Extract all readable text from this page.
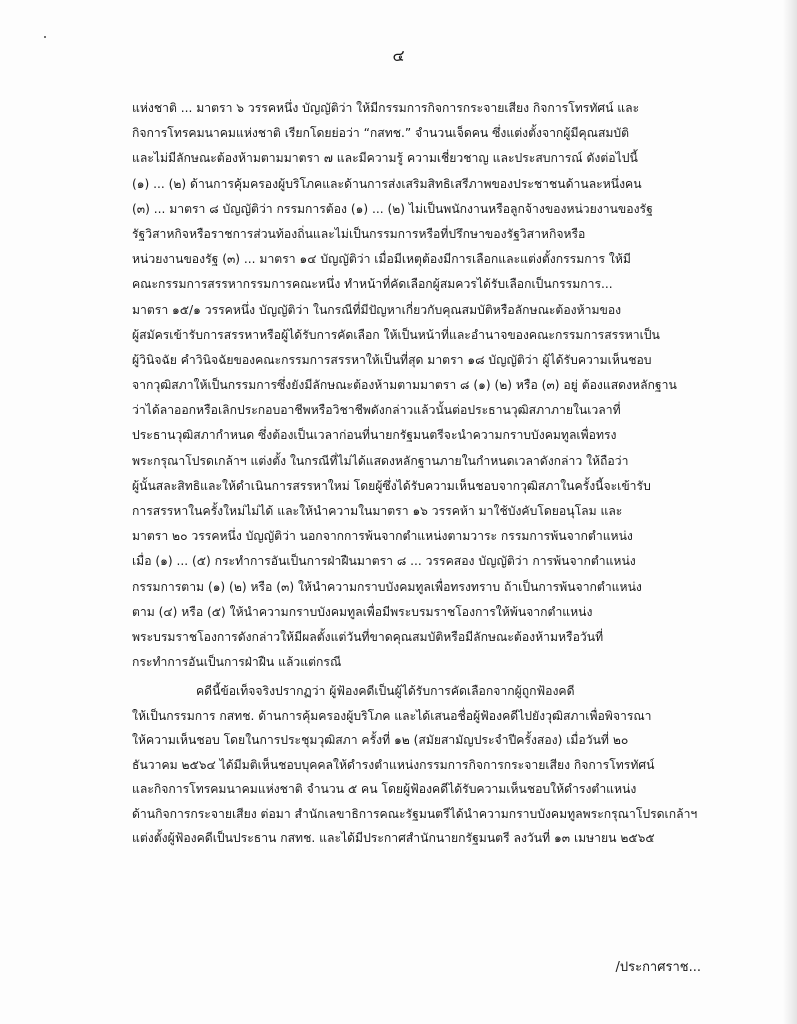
๔
แห่งชาติ ... มาตรา ๖ วรรคหนึ่ง บัญญัติว่า ให้มีกรรมการกิจการกระจายเสียง กิจการโทรทัศน์ และ
กิจการโทรคมนาคมแห่งชาติ เรียกโดยย่อว่า “กสทช.” จำนวนเจ็ดคน ซึ่งแต่งตั้งจากผู้มีคุณสมบัติ
และไม่มีลักษณะต้องห้ามตามมาตรา ๗ และมีความรู้ ความเชี่ยวชาญ และประสบการณ์ ดังต่อไปนี้
(๑) ... (๒) ด้านการคุ้มครองผู้บริโภคและด้านการส่งเสริมสิทธิเสรีภาพของประชาชนด้านละหนึ่งคน
(๓) ... มาตรา ๘ บัญญัติว่า กรรมการต้อง (๑) ... (๒) ไม่เป็นพนักงานหรือลูกจ้างของหน่วยงานของรัฐ
รัฐวิสาหกิจหรือราชการส่วนท้องถิ่นและไม่เป็นกรรมการหรือที่ปรึกษาของรัฐวิสาหกิจหรือ
หน่วยงานของรัฐ (๓) ... มาตรา ๑๔ บัญญัติว่า เมื่อมีเหตุต้องมีการเลือกและแต่งตั้งกรรมการ ให้มี
คณะกรรมการสรรหากรรมการคณะหนึ่ง ทำหน้าที่คัดเลือกผู้สมควรได้รับเลือกเป็นกรรมการ...
มาตรา ๑๕/๑ วรรคหนึ่ง บัญญัติว่า ในกรณีที่มีปัญหาเกี่ยวกับคุณสมบัติหรือลักษณะต้องห้ามของ
ผู้สมัครเข้ารับการสรรหาหรือผู้ได้รับการคัดเลือก ให้เป็นหน้าที่และอำนาจของคณะกรรมการสรรหาเป็น
ผู้วินิจฉัย คำวินิจฉัยของคณะกรรมการสรรหาให้เป็นที่สุด มาตรา ๑๘ บัญญัติว่า ผู้ได้รับความเห็นชอบ
จากวุฒิสภาให้เป็นกรรมการซึ่งยังมีลักษณะต้องห้ามตามมาตรา ๘ (๑) (๒) หรือ (๓) อยู่ ต้องแสดงหลักฐาน
ว่าได้ลาออกหรือเลิกประกอบอาชีพหรือวิชาชีพดังกล่าวแล้วนั้นต่อประธานวุฒิสภาภายในเวลาที่
ประธานวุฒิสภากำหนด ซึ่งต้องเป็นเวลาก่อนที่นายกรัฐมนตรีจะนำความกราบบังคมทูลเพื่อทรง
พระกรุณาโปรดเกล้าฯ แต่งตั้ง ในกรณีที่ไม่ได้แสดงหลักฐานภายในกำหนดเวลาดังกล่าว ให้ถือว่า
ผู้นั้นสละสิทธิและให้ดำเนินการสรรหาใหม่ โดยผู้ซึ่งได้รับความเห็นชอบจากวุฒิสภาในครั้งนี้จะเข้ารับ
การสรรหาในครั้งใหม่ไม่ได้ และให้นำความในมาตรา ๑๖ วรรคห้า มาใช้บังคับโดยอนุโลม และ
มาตรา ๒๐ วรรคหนึ่ง บัญญัติว่า นอกจากการพ้นจากตำแหน่งตามวาระ กรรมการพ้นจากตำแหน่ง
เมื่อ (๑) ... (๕) กระทำการอันเป็นการฝ่าฝืนมาตรา ๘ ... วรรคสอง บัญญัติว่า การพ้นจากตำแหน่ง
กรรมการตาม (๑) (๒) หรือ (๓) ให้นำความกราบบังคมทูลเพื่อทรงทราบ ถ้าเป็นการพ้นจากตำแหน่ง
ตาม (๔) หรือ (๕) ให้นำความกราบบังคมทูลเพื่อมีพระบรมราชโองการให้พ้นจากตำแหน่ง
พระบรมราชโองการดังกล่าวให้มีผลตั้งแต่วันที่ขาดคุณสมบัติหรือมีลักษณะต้องห้ามหรือวันที่
กระทำการอันเป็นการฝ่าฝืน แล้วแต่กรณี
คดีนี้ข้อเท็จจริงปรากฏว่า ผู้ฟ้องคดีเป็นผู้ได้รับการคัดเลือกจากผู้ถูกฟ้องคดี
ให้เป็นกรรมการ กสทช. ด้านการคุ้มครองผู้บริโภค และได้เสนอชื่อผู้ฟ้องคดีไปยังวุฒิสภาเพื่อพิจารณา
ให้ความเห็นชอบ โดยในการประชุมวุฒิสภา ครั้งที่ ๑๒ (สมัยสามัญประจำปีครั้งสอง) เมื่อวันที่ ๒๐
ธันวาคม ๒๕๖๔ ได้มีมติเห็นชอบบุคคลให้ดำรงตำแหน่งกรรมการกิจการกระจายเสียง กิจการโทรทัศน์
และกิจการโทรคมนาคมแห่งชาติ จำนวน ๕ คน โดยผู้ฟ้องคดีได้รับความเห็นชอบให้ดำรงตำแหน่ง
ด้านกิจการกระจายเสียง ต่อมา สำนักเลขาธิการคณะรัฐมนตรีได้นำความกราบบังคมทูลพระกรุณาโปรดเกล้าฯ
แต่งตั้งผู้ฟ้องคดีเป็นประธาน กสทช. และได้มีประกาศสำนักนายกรัฐมนตรี ลงวันที่ ๑๓ เมษายน ๒๕๖๕
/ประกาศราช...
